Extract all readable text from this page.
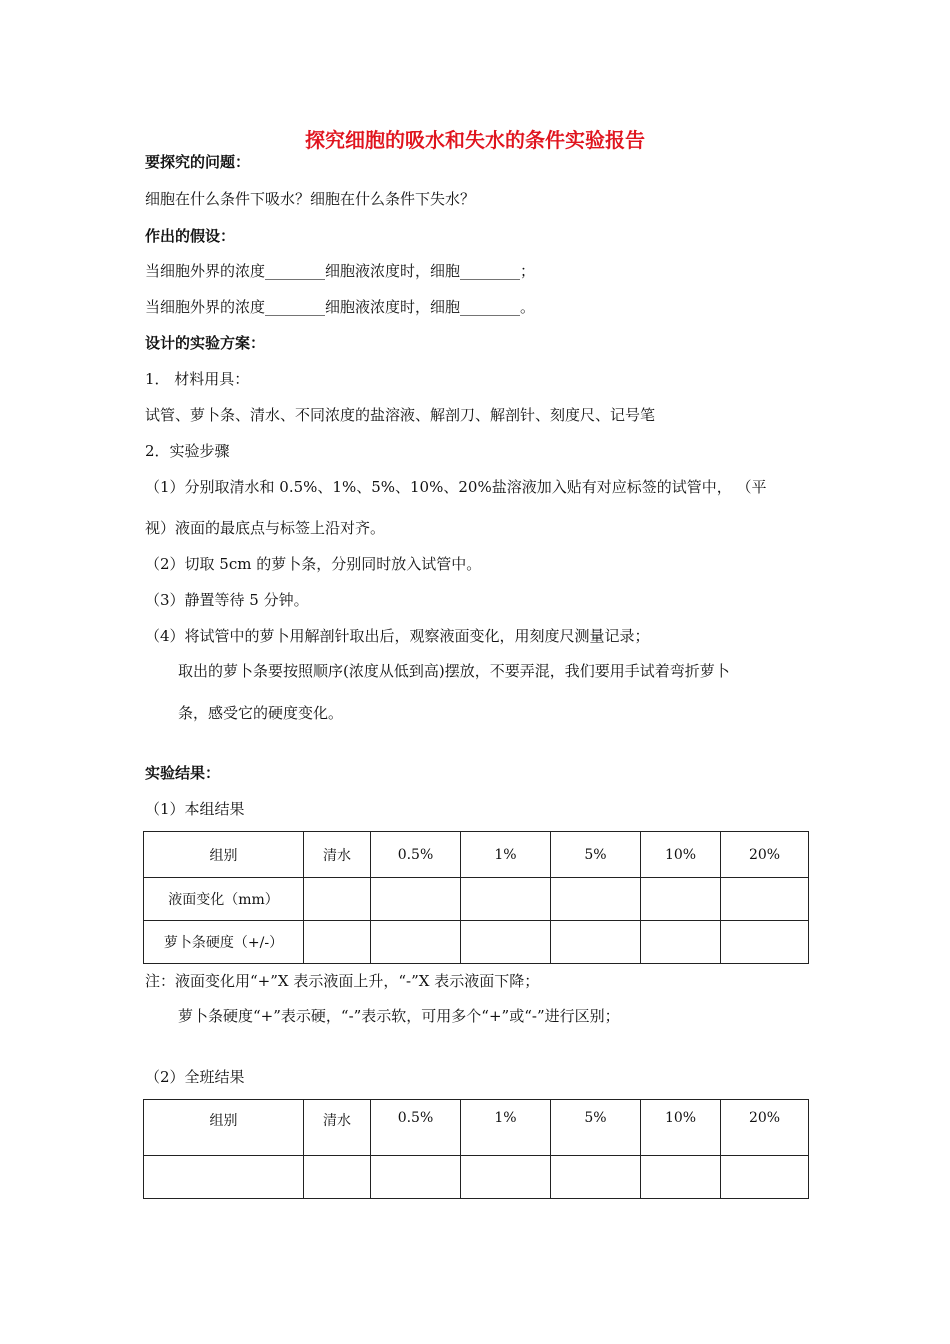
探究细胞的吸水和失水的条件实验报告
要探究的问题：
细胞在什么条件下吸水？细胞在什么条件下失水？
作出的假设：
当细胞外界的浓度________细胞液浓度时，细胞________；
当细胞外界的浓度________细胞液浓度时，细胞________。
设计的实验方案：
1． 材料用具：
试管、萝卜条、清水、不同浓度的盐溶液、解剖刀、解剖针、刻度尺、记号笔
2．实验步骤
（1）分别取清水和 0.5%、1%、5%、10%、20%盐溶液加入贴有对应标签的试管中， （平
视）液面的最底点与标签上沿对齐。
（2）切取 5cm 的萝卜条，分别同时放入试管中。
（3）静置等待 5 分钟。
（4）将试管中的萝卜用解剖针取出后，观察液面变化，用刻度尺测量记录；
取出的萝卜条要按照顺序(浓度从低到高)摆放，不要弄混，我们要用手试着弯折萝卜
条，感受它的硬度变化。
实验结果：
（1）本组结果
组别	清水	0.5%	1%	5%	10%	20%
液面变化（mm）						
萝卜条硬度（+/-）						
注：液面变化用“+”X 表示液面上升，“-”X 表示液面下降；
萝卜条硬度“+”表示硬，“-”表示软，可用多个“+”或“-”进行区别；
（2）全班结果
组别	清水	0.5%	1%	5%	10%	20%
